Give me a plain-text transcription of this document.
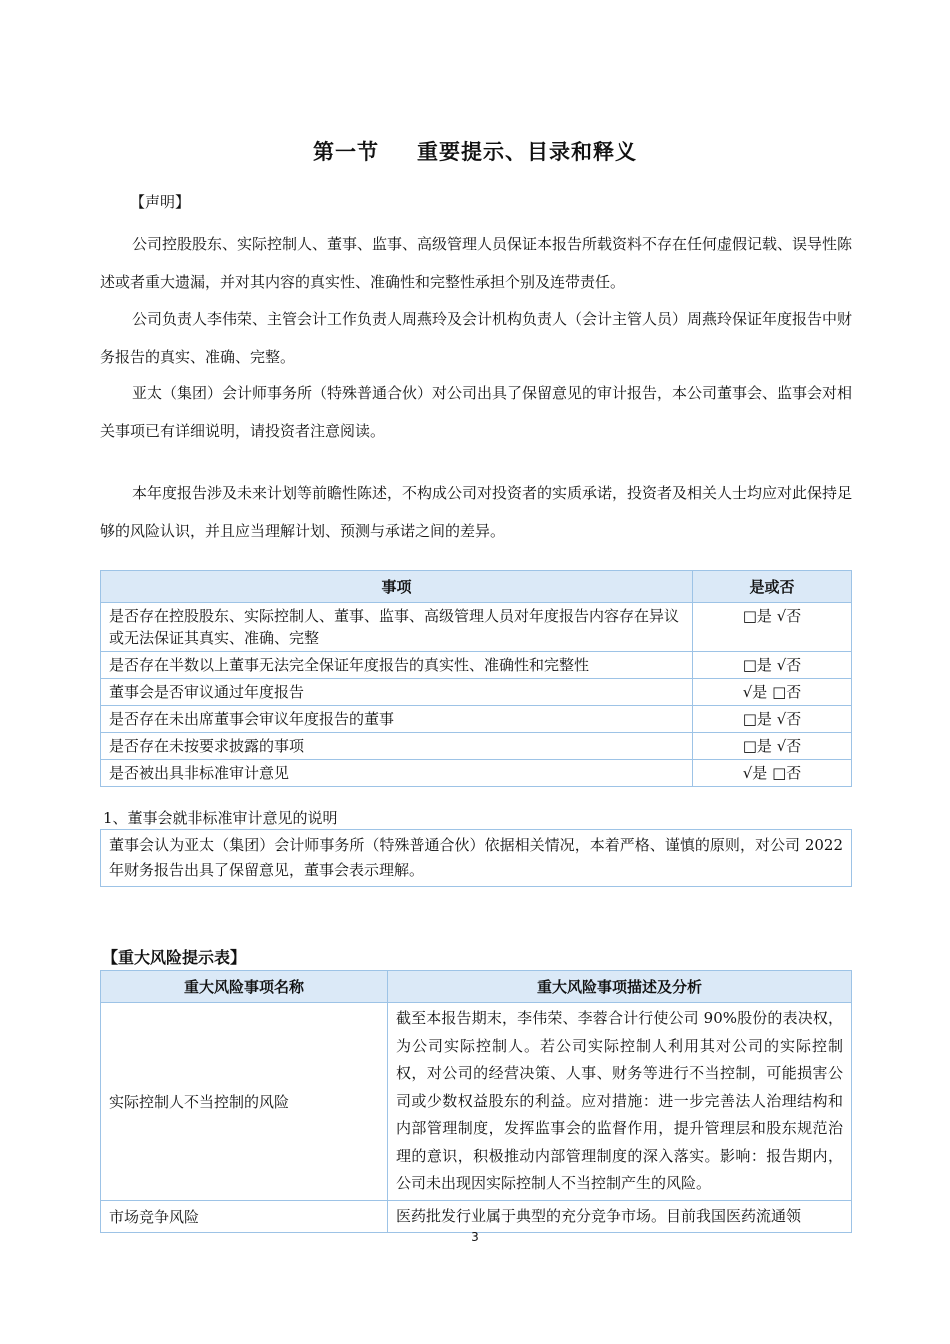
第一节 重要提示、目录和释义
【声明】
公司控股股东、实际控制人、董事、监事、高级管理人员保证本报告所载资料不存在任何虚假记载、误导性陈述或者重大遗漏，并对其内容的真实性、准确性和完整性承担个别及连带责任。
公司负责人李伟荣、主管会计工作负责人周燕玲及会计机构负责人（会计主管人员）周燕玲保证年度报告中财务报告的真实、准确、完整。
亚太（集团）会计师事务所（特殊普通合伙）对公司出具了保留意见的审计报告，本公司董事会、监事会对相关事项已有详细说明，请投资者注意阅读。
本年度报告涉及未来计划等前瞻性陈述，不构成公司对投资者的实质承诺，投资者及相关人士均应对此保持足够的风险认识，并且应当理解计划、预测与承诺之间的差异。
事项	是或否
是否存在控股股东、实际控制人、董事、监事、高级管理人员对年度报告内容存在异议或无法保证其真实、准确、完整	□是 √否
是否存在半数以上董事无法完全保证年度报告的真实性、准确性和完整性	□是 √否
董事会是否审议通过年度报告	√是 □否
是否存在未出席董事会审议年度报告的董事	□是 √否
是否存在未按要求披露的事项	□是 √否
是否被出具非标准审计意见	√是 □否
1、董事会就非标准审计意见的说明
董事会认为亚太（集团）会计师事务所（特殊普通合伙）依据相关情况，本着严格、谨慎的原则，对公司 2022 年财务报告出具了保留意见，董事会表示理解。
【重大风险提示表】
重大风险事项名称	重大风险事项描述及分析
实际控制人不当控制的风险	截至本报告期末，李伟荣、李蓉合计行使公司 90%股份的表决权，为公司实际控制人。若公司实际控制人利用其对公司的实际控制权，对公司的经营决策、人事、财务等进行不当控制，可能损害公司或少数权益股东的利益。应对措施：进一步完善法人治理结构和内部管理制度，发挥监事会的监督作用，提升管理层和股东规范治理的意识，积极推动内部管理制度的深入落实。影响：报告期内，公司未出现因实际控制人不当控制产生的风险。
市场竞争风险	医药批发行业属于典型的充分竞争市场。目前我国医药流通领
3
